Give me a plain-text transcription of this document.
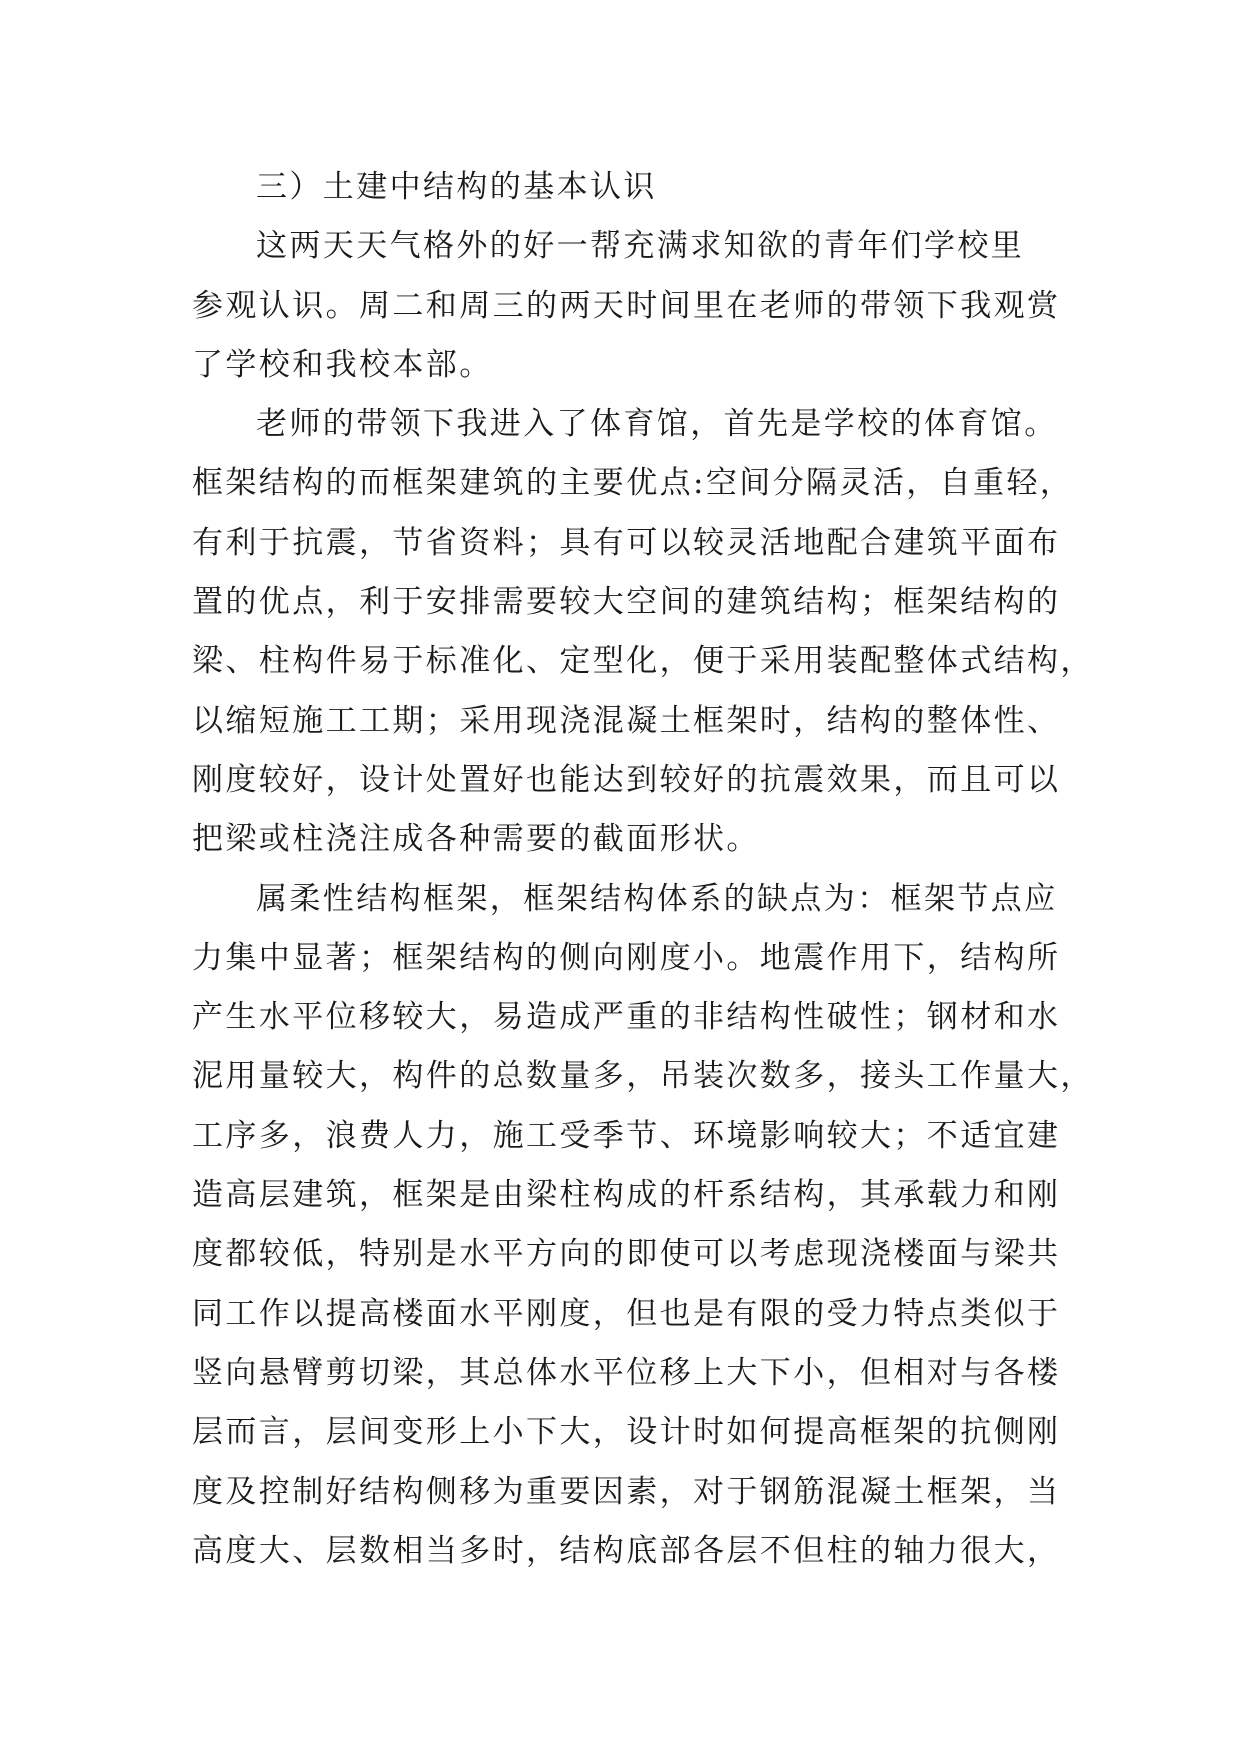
三）土建中结构的基本认识
这两天天气格外的好一帮充满求知欲的青年们学校里
参观认识。周二和周三的两天时间里在老师的带领下我观赏
了学校和我校本部。
老师的带领下我进入了体育馆，首先是学校的体育馆。
框架结构的而框架建筑的主要优点:空间分隔灵活，自重轻，
有利于抗震，节省资料；具有可以较灵活地配合建筑平面布
置的优点，利于安排需要较大空间的建筑结构；框架结构的
梁、柱构件易于标准化、定型化，便于采用装配整体式结构，
以缩短施工工期；采用现浇混凝土框架时，结构的整体性、
刚度较好，设计处置好也能达到较好的抗震效果，而且可以
把梁或柱浇注成各种需要的截面形状。
属柔性结构框架，框架结构体系的缺点为：框架节点应
力集中显著；框架结构的侧向刚度小。地震作用下，结构所
产生水平位移较大，易造成严重的非结构性破性；钢材和水
泥用量较大，构件的总数量多，吊装次数多，接头工作量大，
工序多，浪费人力，施工受季节、环境影响较大；不适宜建
造高层建筑，框架是由梁柱构成的杆系结构，其承载力和刚
度都较低，特别是水平方向的即使可以考虑现浇楼面与梁共
同工作以提高楼面水平刚度，但也是有限的受力特点类似于
竖向悬臂剪切梁，其总体水平位移上大下小，但相对与各楼
层而言，层间变形上小下大，设计时如何提高框架的抗侧刚
度及控制好结构侧移为重要因素，对于钢筋混凝土框架，当
高度大、层数相当多时，结构底部各层不但柱的轴力很大，
